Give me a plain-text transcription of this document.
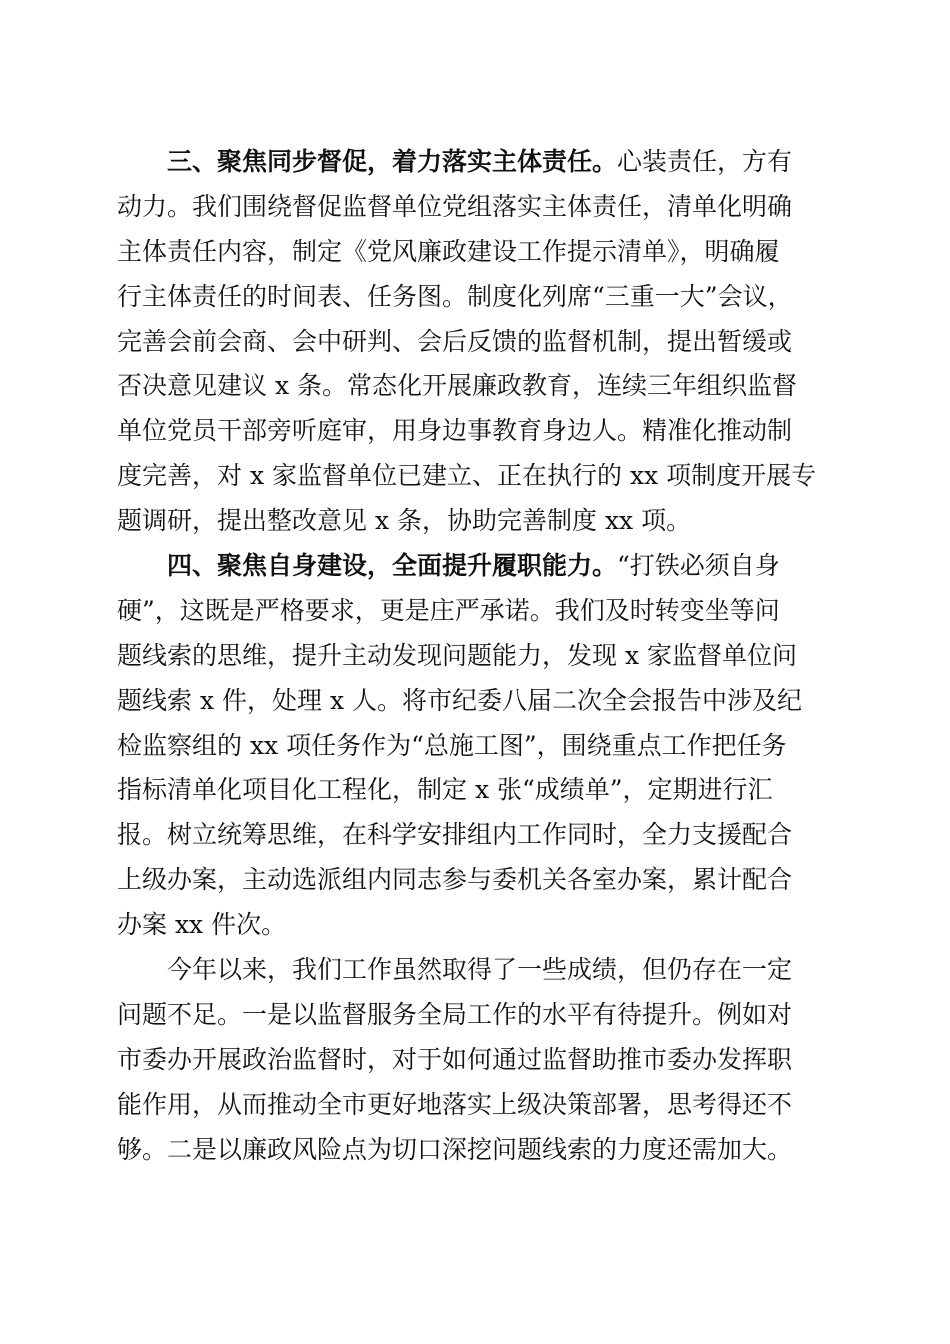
三、聚焦同步督促，着力落实主体责任。心装责任，方有
动力。我们围绕督促监督单位党组落实主体责任，清单化明确
主体责任内容，制定《党风廉政建设工作提示清单》，明确履
行主体责任的时间表、任务图。制度化列席“三重一大”会议，
完善会前会商、会中研判、会后反馈的监督机制，提出暂缓或
否决意见建议 x 条。常态化开展廉政教育，连续三年组织监督
单位党员干部旁听庭审，用身边事教育身边人。精准化推动制
度完善，对 x 家监督单位已建立、正在执行的 xx 项制度开展专
题调研，提出整改意见 x 条，协助完善制度 xx 项。
四、聚焦自身建设，全面提升履职能力。“打铁必须自身
硬”，这既是严格要求，更是庄严承诺。我们及时转变坐等问
题线索的思维，提升主动发现问题能力，发现 x 家监督单位问
题线索 x 件，处理 x 人。将市纪委八届二次全会报告中涉及纪
检监察组的 xx 项任务作为“总施工图”，围绕重点工作把任务
指标清单化项目化工程化，制定 x 张“成绩单”，定期进行汇
报。树立统筹思维，在科学安排组内工作同时，全力支援配合
上级办案，主动选派组内同志参与委机关各室办案，累计配合
办案 xx 件次。
今年以来，我们工作虽然取得了一些成绩，但仍存在一定
问题不足。一是以监督服务全局工作的水平有待提升。例如对
市委办开展政治监督时，对于如何通过监督助推市委办发挥职
能作用，从而推动全市更好地落实上级决策部署，思考得还不
够。二是以廉政风险点为切口深挖问题线索的力度还需加大。
